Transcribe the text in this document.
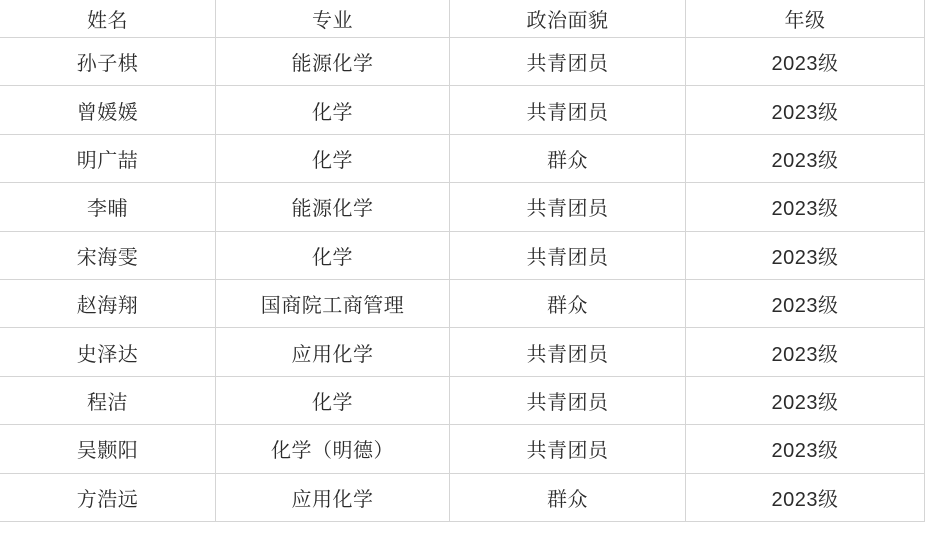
姓名	专业	政治面貌	年级
孙子棋	能源化学	共青团员	2023级
曾媛媛	化学	共青团员	2023级
明广喆	化学	群众	2023级
李晡	能源化学	共青团员	2023级
宋海雯	化学	共青团员	2023级
赵海翔	国商院工商管理	群众	2023级
史泽达	应用化学	共青团员	2023级
程洁	化学	共青团员	2023级
吴颢阳	化学（明德）	共青团员	2023级
方浩远	应用化学	群众	2023级
